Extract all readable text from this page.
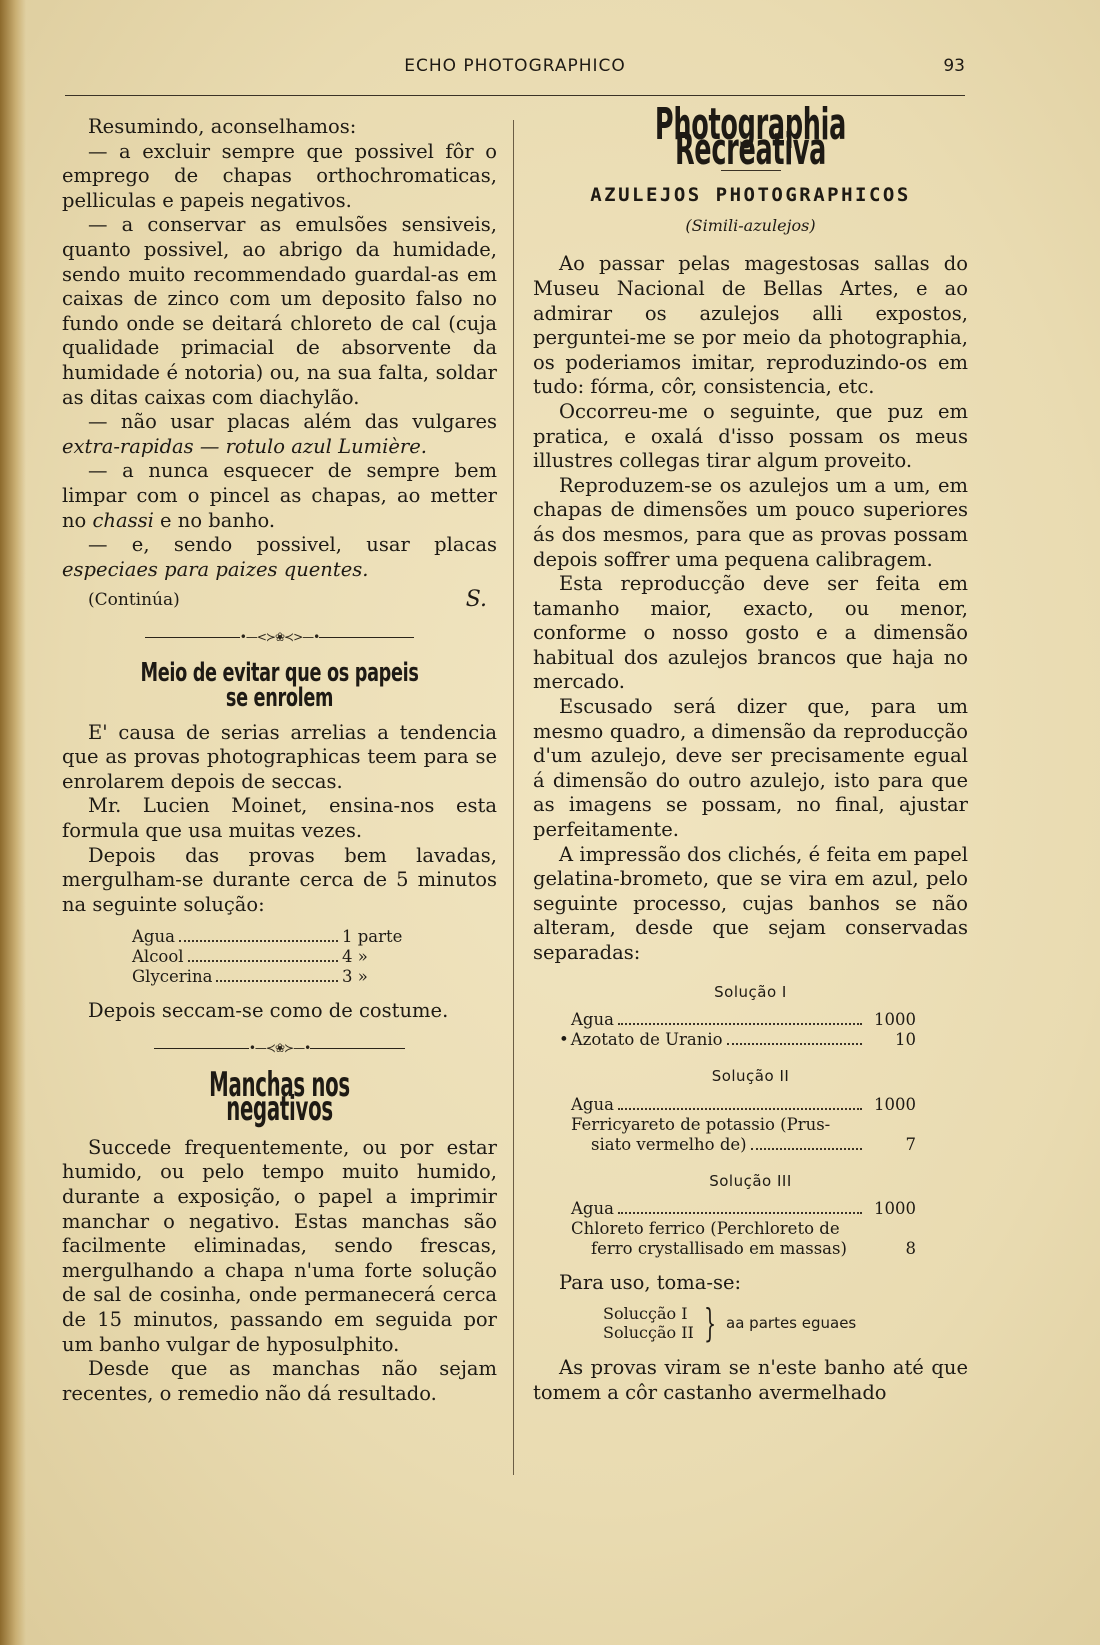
ECHO PHOTOGRAPHICO	93

Resumindo, aconselhamos:

— a excluir sempre que possivel fôr o emprego de chapas orthochromaticas, pelliculas e papeis negativos.

— a conservar as emulsões sensiveis, quanto possivel, ao abrigo da humidade, sendo muito recommendado guardal-as em caixas de zinco com um deposito falso no fundo onde se deitará chloreto de cal (cuja qualidade primacial de absorvente da humidade é notoria) ou, na sua falta, soldar as ditas caixas com diachylão.

— não usar placas além das vulgares extra-rapidas — rotulo azul Lumière.

— a nunca esquecer de sempre bem limpar com o pincel as chapas, ao metter no chassi e no banho.

— e, sendo possivel, usar placas especiaes para paizes quentes.

(Continúa)	S.
•—<≻❀≺>—•
Meio de evitar que os papeis se enrolem

E' causa de serias arrelias a tendencia que as provas photographicas teem para se enrolarem depois de seccas.

Mr. Lucien Moinet, ensina-nos esta formula que usa muitas vezes.

Depois das provas bem lavadas, mergulham-se durante cerca de 5 minutos na seguinte solução:

Agua	1 parte
Alcool	4 »
Glycerina	3 »

Depois seccam-se como de costume.

•—≺❀≻—•
Manchas nos negativos

Succede frequentemente, ou por estar humido, ou pelo tempo muito humido, durante a exposição, o papel a imprimir manchar o negativo. Estas manchas são facilmente eliminadas, sendo frescas, mergulhando a chapa n'uma forte solução de sal de cosinha, onde permanecerá cerca de 15 minutos, passando em seguida por um banho vulgar de hyposulphito.

Desde que as manchas não sejam recentes, o remedio não dá resultado.

Photographia Recreativa
AZULEJOS PHOTOGRAPHICOS
(Simili-azulejos)

Ao passar pelas magestosas sallas do Museu Nacional de Bellas Artes, e ao admirar os azulejos alli expostos, perguntei-me se por meio da photographia, os poderiamos imitar, reproduzindo-os em tudo: fórma, côr, consistencia, etc.

Occorreu-me o seguinte, que puz em pratica, e oxalá d'isso possam os meus illustres collegas tirar algum proveito.

Reproduzem-se os azulejos um a um, em chapas de dimensões um pouco superiores ás dos mesmos, para que as provas possam depois soffrer uma pequena calibragem.

Esta reproducção deve ser feita em tamanho maior, exacto, ou menor, conforme o nosso gosto e a dimensão habitual dos azulejos brancos que haja no mercado.

Escusado será dizer que, para um mesmo quadro, a dimensão da reproducção d'um azulejo, deve ser precisamente egual á dimensão do outro azulejo, isto para que as imagens se possam, no final, ajustar perfeitamente.

A impressão dos clichés, é feita em papel gelatina-brometo, que se vira em azul, pelo seguinte processo, cujas banhos se não alteram, desde que sejam conservadas separadas:

Solução I
Agua	1000
• Azotato de Uranio	10
Solução II
Agua	1000
Ferricyareto de potassio (Prus-
siato vermelho de)	7
Solução III
Agua	1000
Chloreto ferrico (Perchloreto de
ferro crystallisado em massas)	8

Para uso, toma-se:

Solucção I
Solucção II } aa partes eguaes

As provas viram se n'este banho até que tomem a côr castanho avermelhado
